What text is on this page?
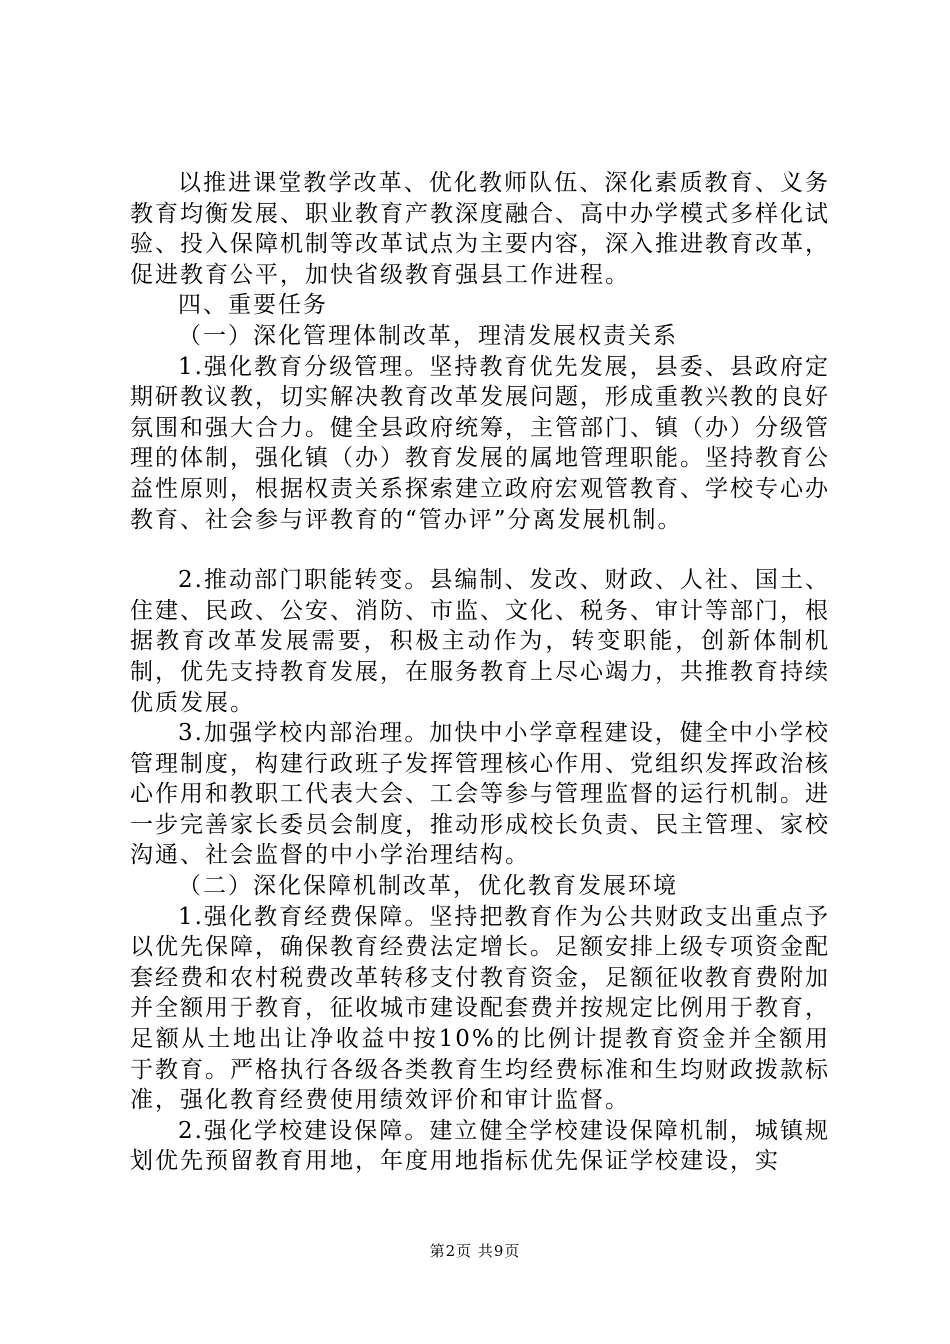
以推进课堂教学改革、优化教师队伍、深化素质教育、义务教育均衡发展、职业教育产教深度融合、高中办学模式多样化试验、投入保障机制等改革试点为主要内容，深入推进教育改革，促进教育公平，加快省级教育强县工作进程。

四、重要任务

（一）深化管理体制改革，理清发展权责关系

1.强化教育分级管理。坚持教育优先发展，县委、县政府定期研教议教，切实解决教育改革发展问题，形成重教兴教的良好氛围和强大合力。健全县政府统筹，主管部门、镇（办）分级管理的体制，强化镇（办）教育发展的属地管理职能。坚持教育公益性原则，根据权责关系探索建立政府宏观管教育、学校专心办教育、社会参与评教育的“管办评”分离发展机制。

2.推动部门职能转变。县编制、发改、财政、人社、国土、住建、民政、公安、消防、市监、文化、税务、审计等部门，根据教育改革发展需要，积极主动作为，转变职能，创新体制机制，优先支持教育发展，在服务教育上尽心竭力，共推教育持续优质发展。

3.加强学校内部治理。加快中小学章程建设，健全中小学校管理制度，构建行政班子发挥管理核心作用、党组织发挥政治核心作用和教职工代表大会、工会等参与管理监督的运行机制。进一步完善家长委员会制度，推动形成校长负责、民主管理、家校沟通、社会监督的中小学治理结构。

（二）深化保障机制改革，优化教育发展环境

1.强化教育经费保障。坚持把教育作为公共财政支出重点予以优先保障，确保教育经费法定增长。足额安排上级专项资金配套经费和农村税费改革转移支付教育资金，足额征收教育费附加并全额用于教育，征收城市建设配套费并按规定比例用于教育，足额从土地出让净收益中按10%的比例计提教育资金并全额用于教育。严格执行各级各类教育生均经费标准和生均财政拨款标准，强化教育经费使用绩效评价和审计监督。

2.强化学校建设保障。建立健全学校建设保障机制，城镇规划优先预留教育用地，年度用地指标优先保证学校建设，实

第2页 共9页
